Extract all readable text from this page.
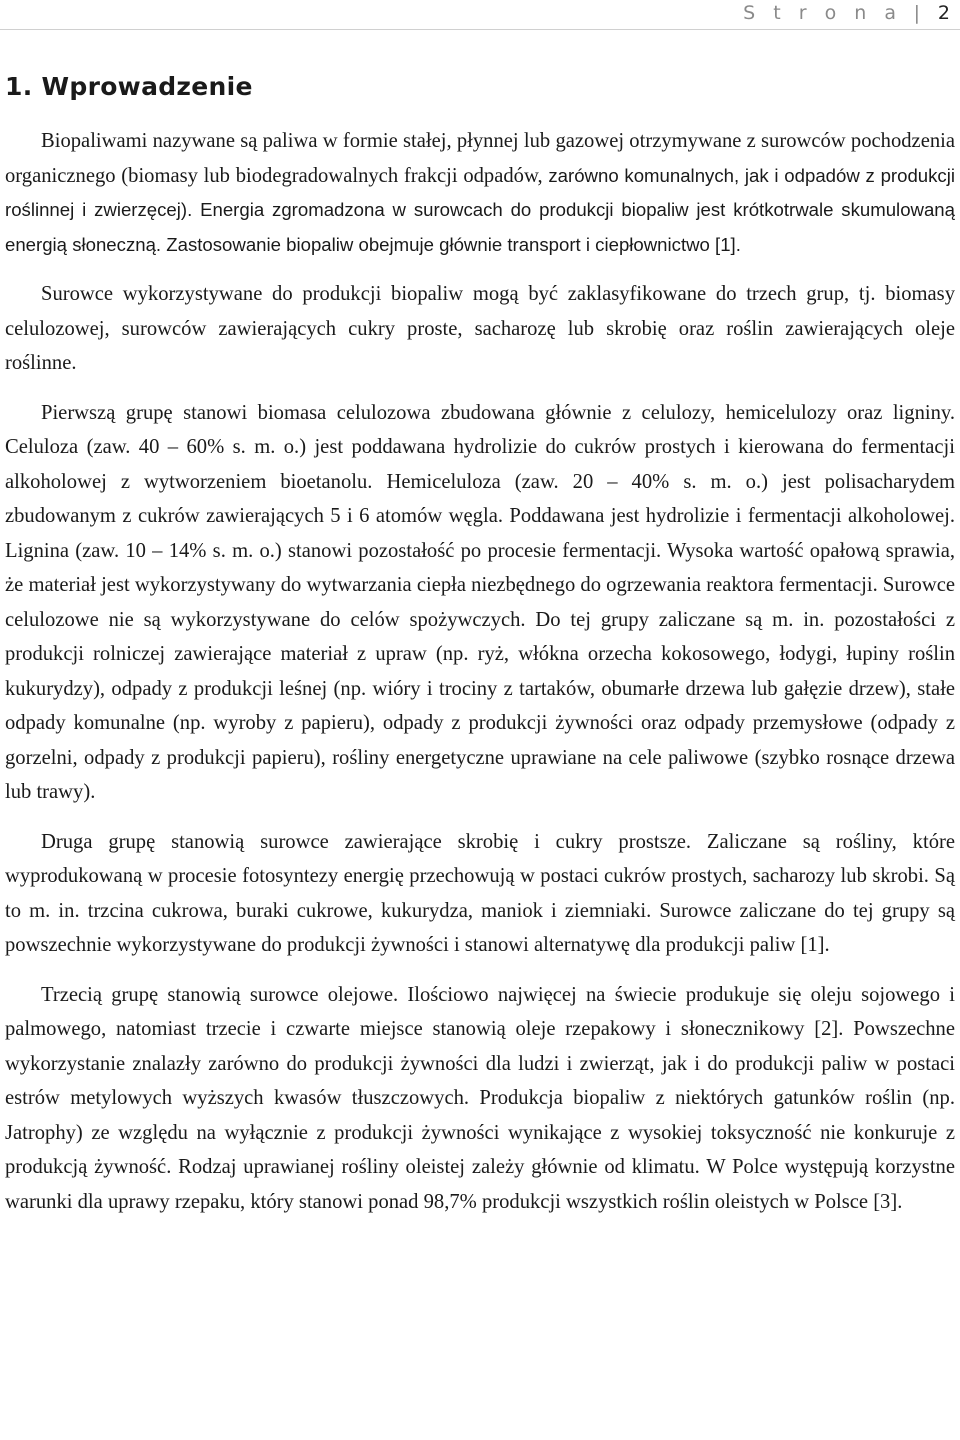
S t r o n a | 2
1. Wprowadzenie

Biopaliwami nazywane są paliwa w formie stałej, płynnej lub gazowej otrzymywane z surowców pochodzenia organicznego (biomasy lub biodegradowalnych frakcji odpadów, zarówno komunalnych, jak i odpadów z produkcji roślinnej i zwierzęcej). Energia zgromadzona w surowcach do produkcji biopaliw jest krótkotrwale skumulowaną energią słoneczną. Zastosowanie biopaliw obejmuje głównie transport i ciepłownictwo [1].

Surowce wykorzystywane do produkcji biopaliw mogą być zaklasyfikowane do trzech grup, tj. biomasy celulozowej, surowców zawierających cukry proste, sacharozę lub skrobię oraz roślin zawierających oleje roślinne.

Pierwszą grupę stanowi biomasa celulozowa zbudowana głównie z celulozy, hemicelulozy oraz ligniny. Celuloza (zaw. 40 – 60% s. m. o.) jest poddawana hydrolizie do cukrów prostych i kierowana do fermentacji alkoholowej z wytworzeniem bioetanolu. Hemiceluloza (zaw. 20 – 40% s. m. o.) jest polisacharydem zbudowanym z cukrów zawierających 5 i 6 atomów węgla. Poddawana jest hydrolizie i fermentacji alkoholowej. Lignina (zaw. 10 – 14% s. m. o.) stanowi pozostałość po procesie fermentacji. Wysoka wartość opałową sprawia, że materiał jest wykorzystywany do wytwarzania ciepła niezbędnego do ogrzewania reaktora fermentacji. Surowce celulozowe nie są wykorzystywane do celów spożywczych. Do tej grupy zaliczane są m. in. pozostałości z produkcji rolniczej zawierające materiał z upraw (np. ryż, włókna orzecha kokosowego, łodygi, łupiny roślin kukurydzy), odpady z produkcji leśnej (np. wióry i trociny z tartaków, obumarłe drzewa lub gałęzie drzew), stałe odpady komunalne (np. wyroby z papieru), odpady z produkcji żywności oraz odpady przemysłowe (odpady z gorzelni, odpady z produkcji papieru), rośliny energetyczne uprawiane na cele paliwowe (szybko rosnące drzewa lub trawy).

Druga grupę stanowią surowce zawierające skrobię i cukry prostsze. Zaliczane są rośliny, które wyprodukowaną w procesie fotosyntezy energię przechowują w postaci cukrów prostych, sacharozy lub skrobi. Są to m. in. trzcina cukrowa, buraki cukrowe, kukurydza, maniok i ziemniaki. Surowce zaliczane do tej grupy są powszechnie wykorzystywane do produkcji żywności i stanowi alternatywę dla produkcji paliw [1].

Trzecią grupę stanowią surowce olejowe. Ilościowo najwięcej na świecie produkuje się oleju sojowego i palmowego, natomiast trzecie i czwarte miejsce stanowią oleje rzepakowy i słonecznikowy [2]. Powszechne wykorzystanie znalazły zarówno do produkcji żywności dla ludzi i zwierząt, jak i do produkcji paliw w postaci estrów metylowych wyższych kwasów tłuszczowych. Produkcja biopaliw z niektórych gatunków roślin (np. Jatrophy) ze względu na wyłącznie z produkcji żywności wynikające z wysokiej toksyczność nie konkuruje z produkcją żywność. Rodzaj uprawianej rośliny oleistej zależy głównie od klimatu. W Polce występują korzystne warunki dla uprawy rzepaku, który stanowi ponad 98,7% produkcji wszystkich roślin oleistych w Polsce [3].
